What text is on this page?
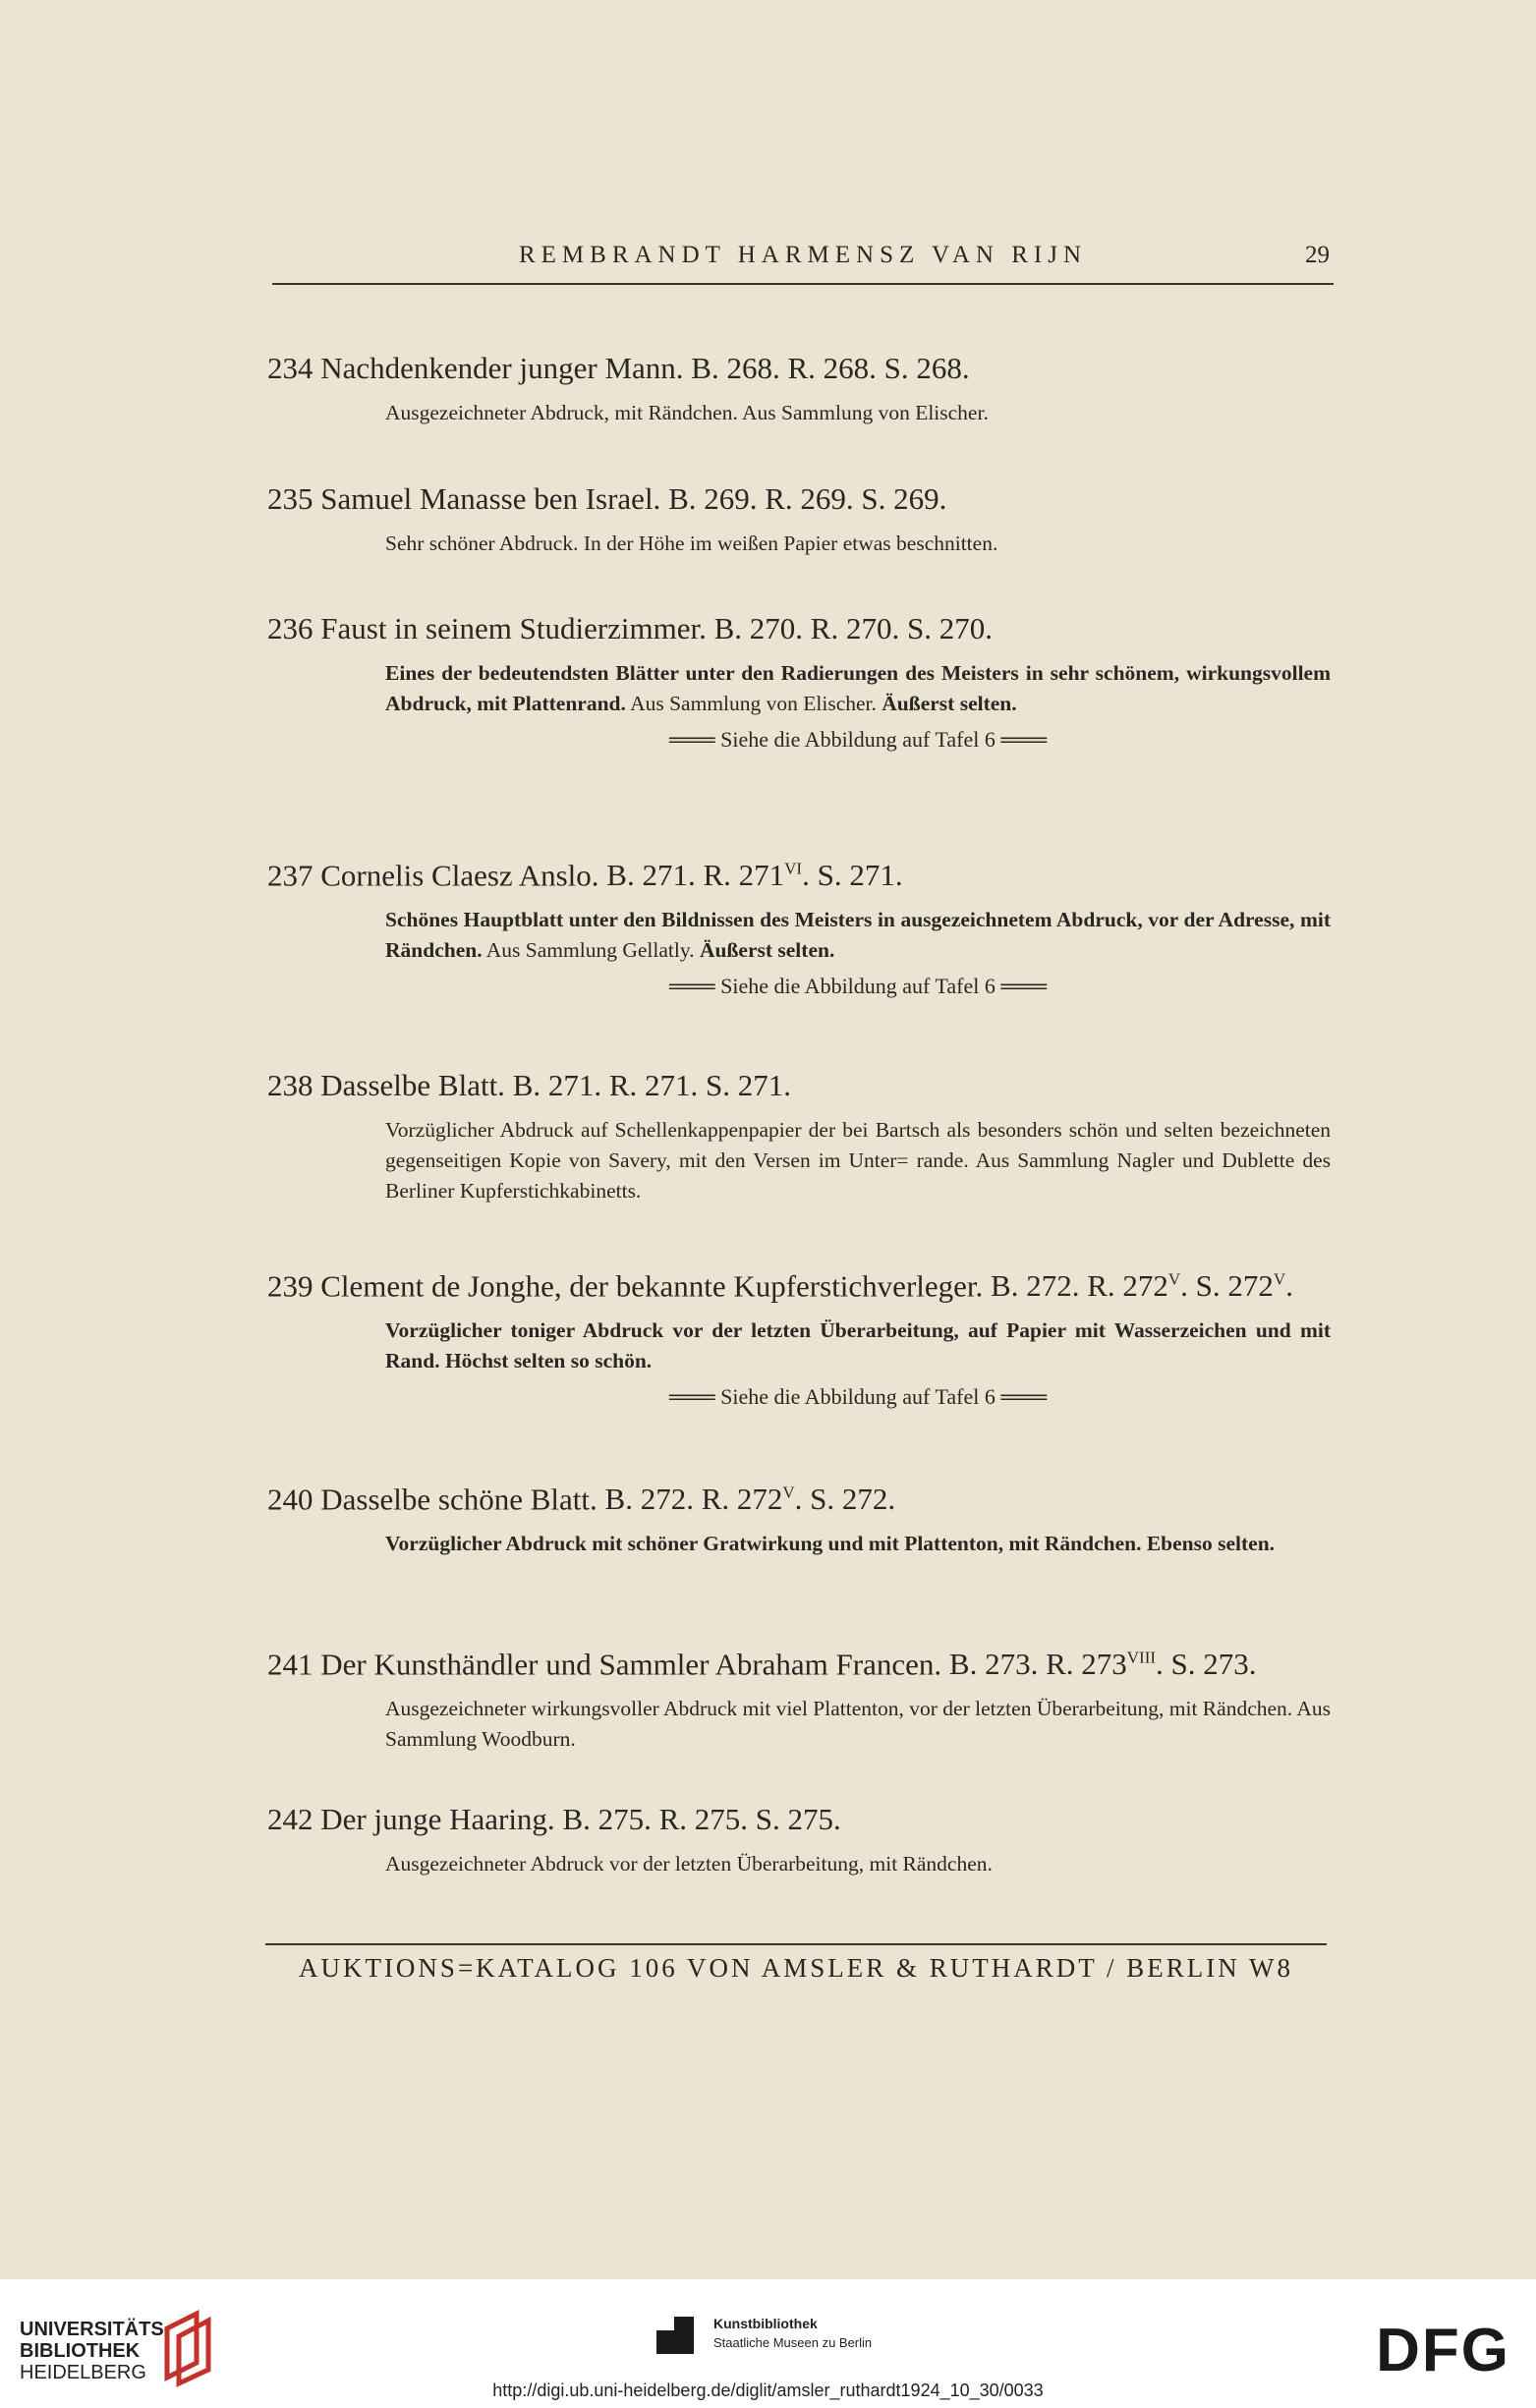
REMBRANDT HARMENSZ VAN RIJN	29
234 Nachdenkender junger Mann. B. 268. R. 268. S. 268.
Ausgezeichneter Abdruck, mit Rändchen. Aus Sammlung von Elischer.
235 Samuel Manasse ben Israel. B. 269. R. 269. S. 269.
Sehr schöner Abdruck. In der Höhe im weißen Papier etwas beschnitten.
236 Faust in seinem Studierzimmer. B. 270. R. 270. S. 270.
Eines der bedeutendsten Blätter unter den Radierungen des Meisters in sehr schönem, wirkungsvollem Abdruck, mit Plattenrand. Aus Sammlung von Elischer. Äußerst selten.
═══ Siehe die Abbildung auf Tafel 6 ═══
237 Cornelis Claesz Anslo. B. 271. R. $271^{VI}$. S. 271.
Schönes Hauptblatt unter den Bildnissen des Meisters in ausgezeichnetem Abdruck, vor der Adresse, mit Rändchen. Aus Sammlung Gellatly. Äußerst selten.
═══ Siehe die Abbildung auf Tafel 6 ═══
238 Dasselbe Blatt. B. 271. R. 271. S. 271.
Vorzüglicher Abdruck auf Schellenkappenpapier der bei Bartsch als besonders schön und selten bezeichneten gegenseitigen Kopie von Savery, mit den Versen im Unter= rande. Aus Sammlung Nagler und Dublette des Berliner Kupferstichkabinetts.
239 Clement de Jonghe, der bekannte Kupferstichverleger. B. 272. R. $272^V$. S. $272^V$.
Vorzüglicher toniger Abdruck vor der letzten Überarbeitung, auf Papier mit Wasserzeichen und mit Rand. Höchst selten so schön.
═══ Siehe die Abbildung auf Tafel 6 ═══
240 Dasselbe schöne Blatt. B. 272. R. $272^V$. S. 272.
Vorzüglicher Abdruck mit schöner Gratwirkung und mit Plattenton, mit Rändchen. Ebenso selten.
241 Der Kunsthändler und Sammler Abraham Francen. B. 273. R. $273^{VIII}$. S. 273.
Ausgezeichneter wirkungsvoller Abdruck mit viel Plattenton, vor der letzten Überarbeitung, mit Rändchen. Aus Sammlung Woodburn.
242 Der junge Haaring. B. 275. R. 275. S. 275.
Ausgezeichneter Abdruck vor der letzten Überarbeitung, mit Rändchen.
AUKTIONS=KATALOG 106 VON AMSLER & RUTHARDT / BERLIN W8
UNIVERSITÄTS-
BIBLIOTHEK
HEIDELBERG
Kunstbibliothek
Staatliche Museen zu Berlin	DFG
http://digi.ub.uni-heidelberg.de/diglit/amsler_ruthardt1924_10_30/0033
